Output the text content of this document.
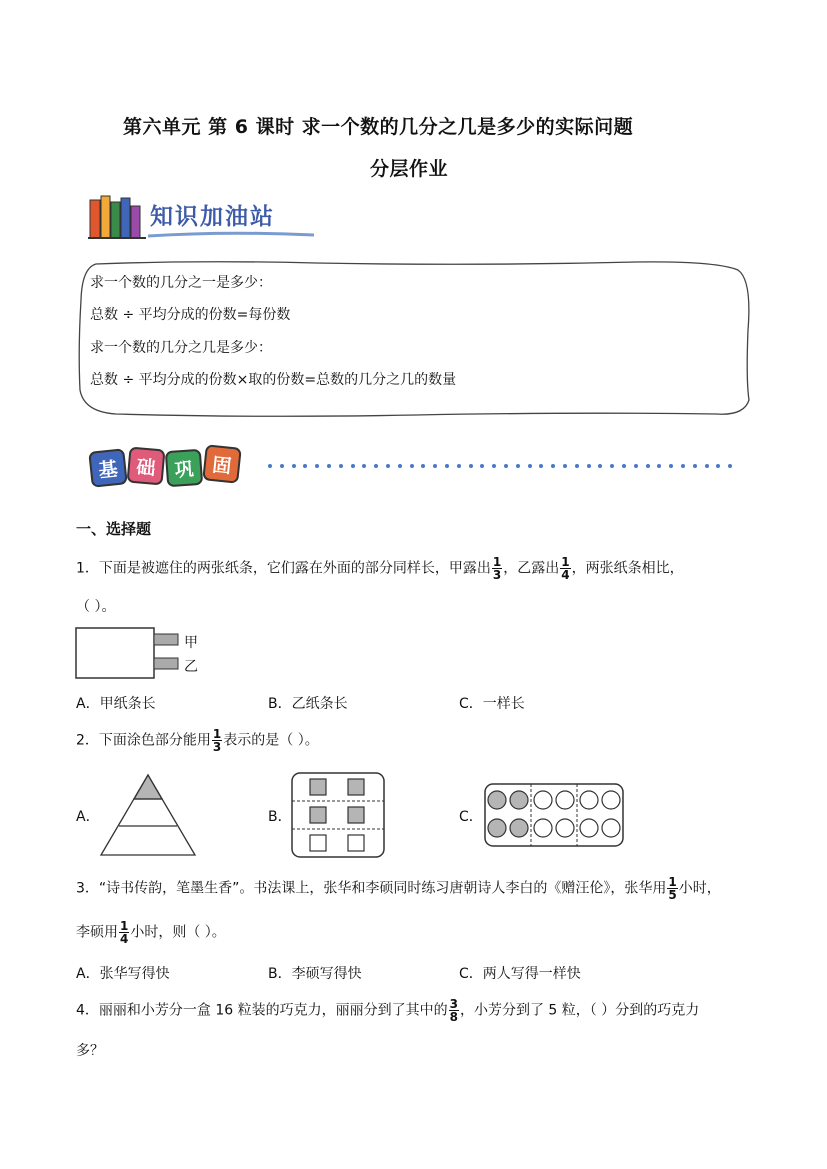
第六单元 第 6 课时 求一个数的几分之几是多少的实际问题
分层作业
知识加油站
求一个数的几分之一是多少：
总数 ÷ 平均分成的份数=每份数
求一个数的几分之几是多少：
总数 ÷ 平均分成的份数×取的份数=总数的几分之几的数量
基 础 巩 固
一、选择题
1．下面是被遮住的两张纸条，它们露在外面的部分同样长，甲露出 $\frac{1}{3}$ ，乙露出 $\frac{1}{4}$ ，两张纸条相比，
（ ）。
甲
乙
A．甲纸条长	B．乙纸条长	C．一样长
2．下面涂色部分能用 $\frac{1}{3}$ 表示的是（ ）。
A．	B．	C．
3．“诗书传韵，笔墨生香”。书法课上，张华和李硕同时练习唐朝诗人李白的《赠汪伦》，张华用 $\frac{1}{5}$ 小时，
李硕用 $\frac{1}{4}$ 小时，则（ ）。
A．张华写得快	B．李硕写得快	C．两人写得一样快
4．丽丽和小芳分一盒 16 粒装的巧克力，丽丽分到了其中的 $\frac{3}{8}$ ，小芳分到了 5 粒，（ ）分到的巧克力
多？
